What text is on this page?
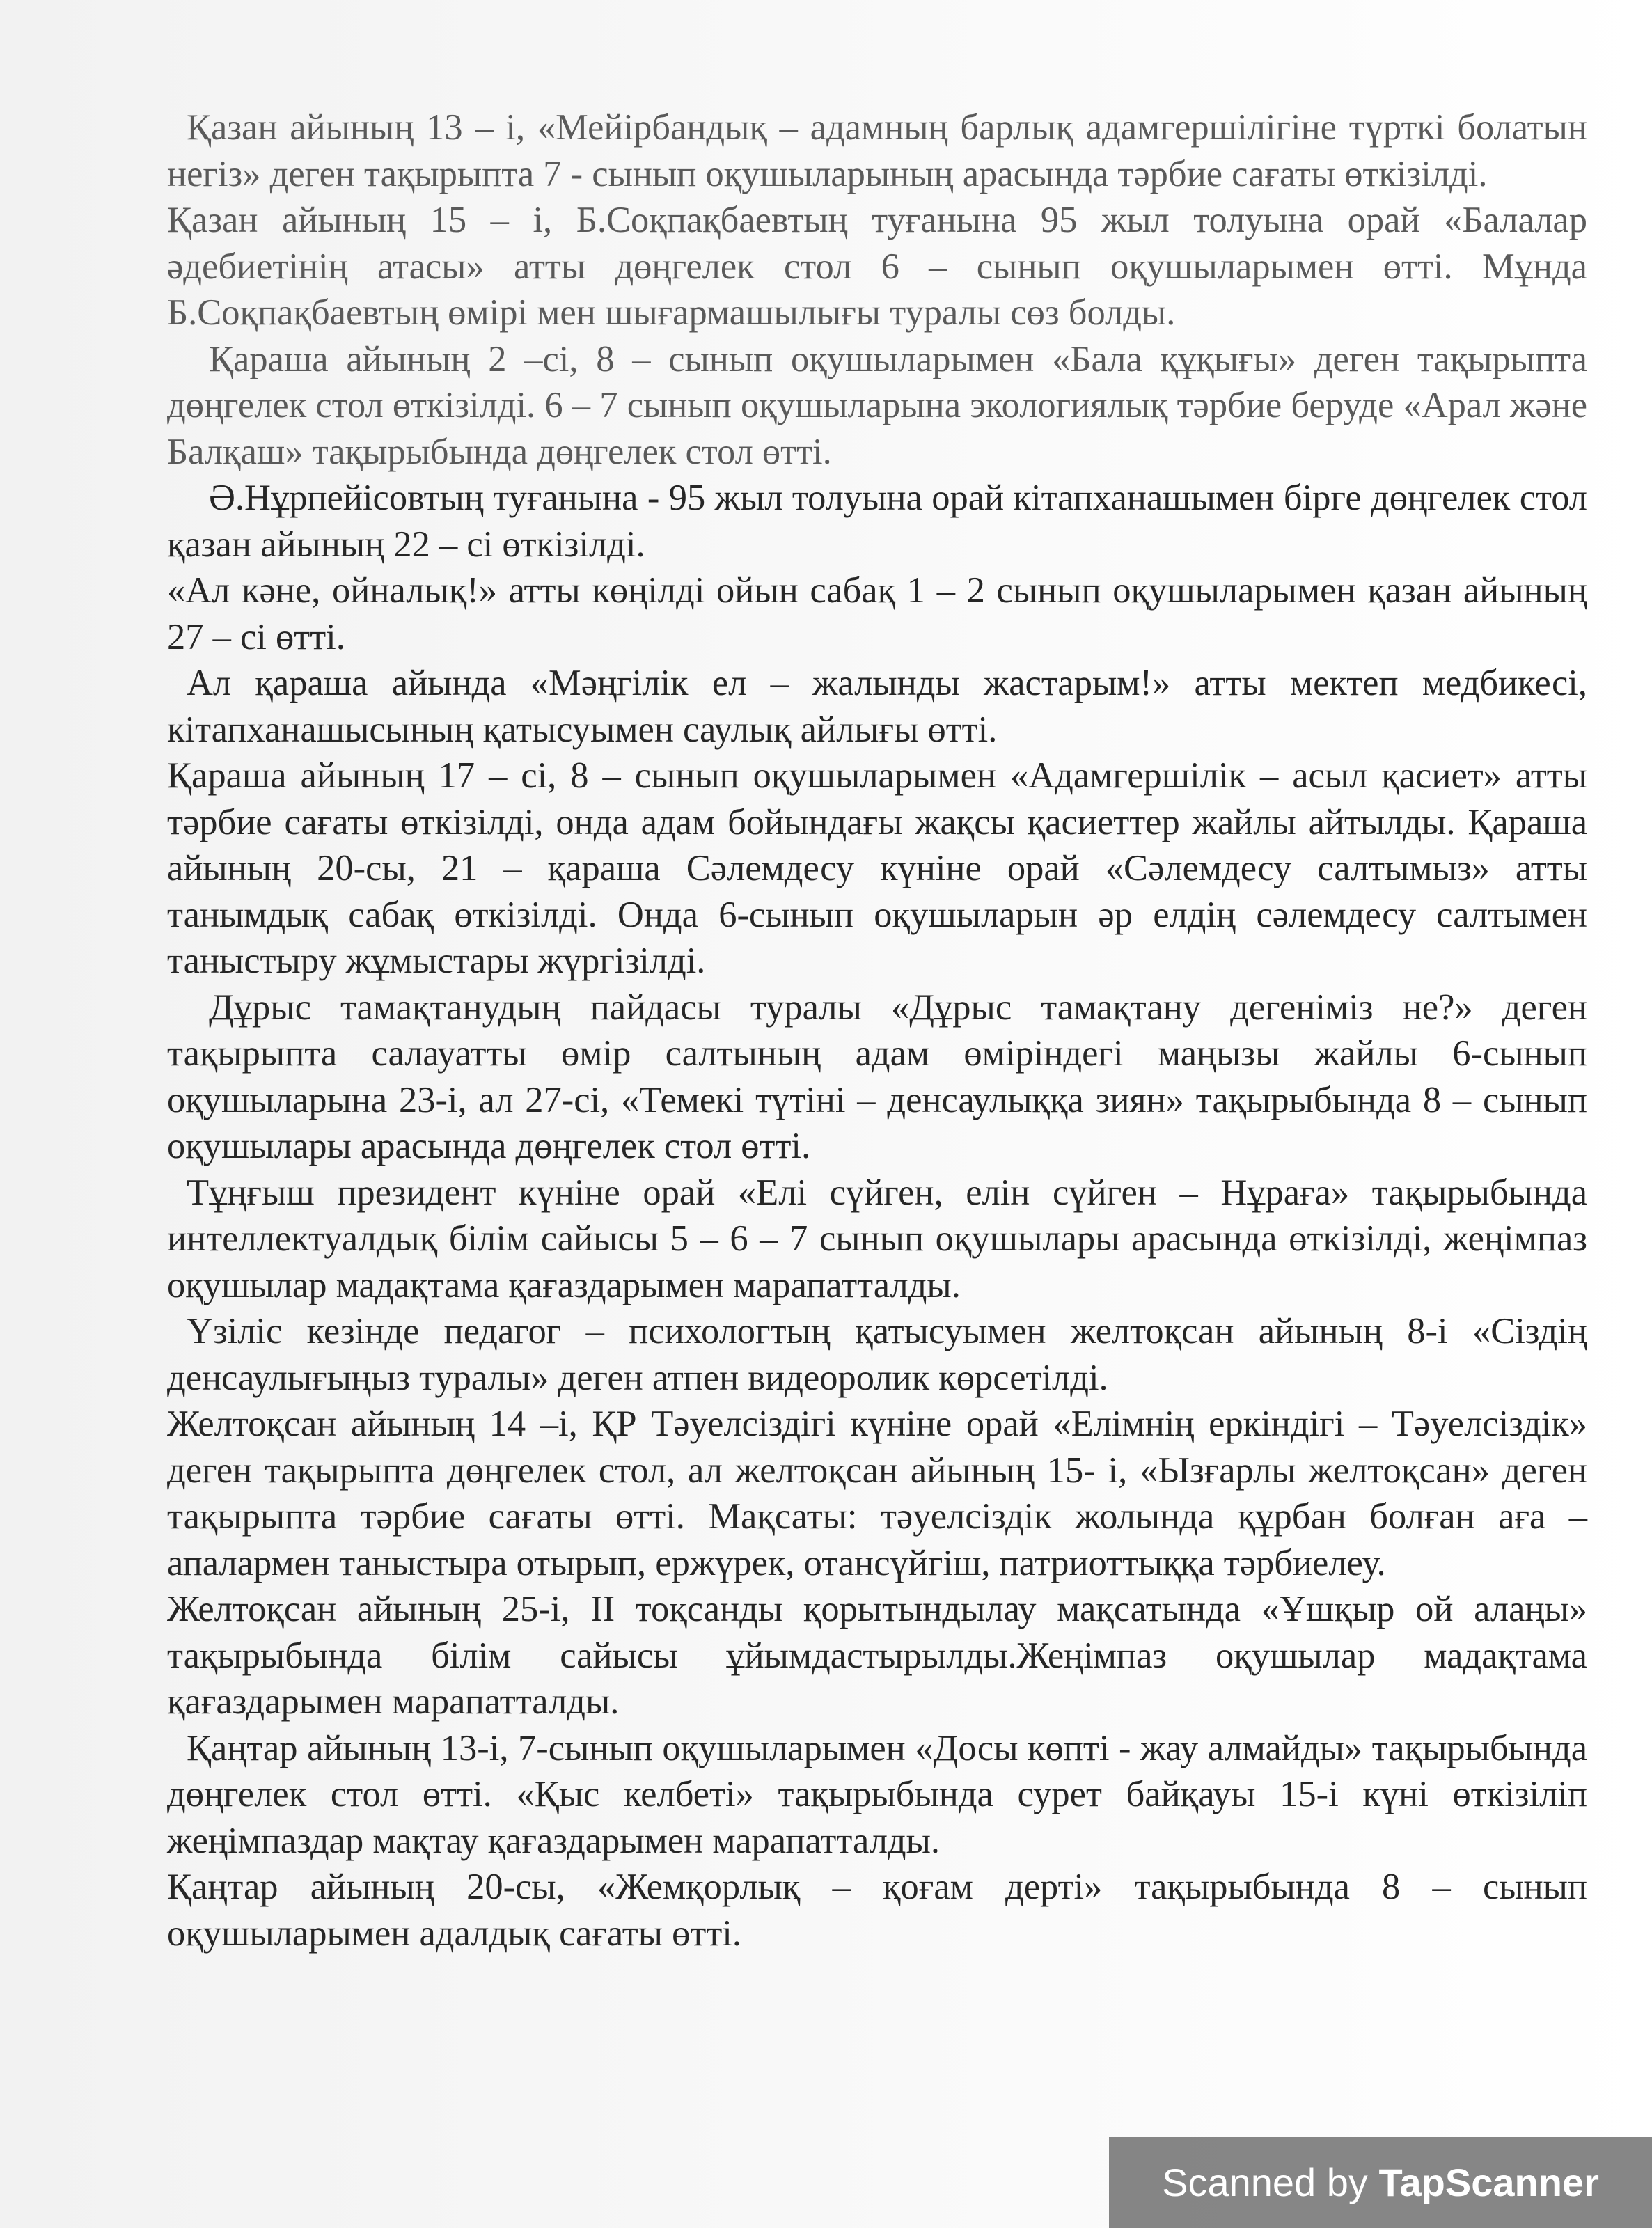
Қазан айының 13 – і, «Мейірбандық – адамның барлық адамгершілігіне түрткі болатын негіз» деген тақырыпта 7 - сынып оқушыларының арасында тәрбие сағаты өткізілді.

Қазан айының 15 – і, Б.Соқпақбаевтың туғанына 95 жыл толуына орай «Балалар әдебиетінің атасы» атты дөңгелек стол 6 – сынып оқушыларымен өтті. Мұнда Б.Соқпақбаевтың өмірі мен шығармашылығы туралы сөз болды.

Қараша айының 2 –сі, 8 – сынып оқушыларымен «Бала құқығы» деген тақырыпта дөңгелек стол өткізілді. 6 – 7 сынып оқушыларына экологиялық тәрбие беруде «Арал және Балқаш» тақырыбында дөңгелек стол өтті.

Ә.Нұрпейісовтың туғанына - 95 жыл толуына орай кітапханашымен бірге дөңгелек стол қазан айының 22 – сі өткізілді.

«Ал кәне, ойналық!» атты көңілді ойын сабақ 1 – 2 сынып оқушыларымен қазан айының 27 – сі өтті.

Ал қараша айында «Мәңгілік ел – жалынды жастарым!» атты мектеп медбикесі, кітапханашысының қатысуымен саулық айлығы өтті.

Қараша айының 17 – сі, 8 – сынып оқушыларымен «Адамгершілік – асыл қасиет» атты тәрбие сағаты өткізілді, онда адам бойындағы жақсы қасиеттер жайлы айтылды. Қараша айының 20-сы, 21 – қараша Сәлемдесу күніне орай «Сәлемдесу салтымыз» атты танымдық сабақ өткізілді. Онда 6-сынып оқушыларын әр елдің сәлемдесу салтымен таныстыру жұмыстары жүргізілді.

Дұрыс тамақтанудың пайдасы туралы «Дұрыс тамақтану дегеніміз не?» деген тақырыпта салауатты өмір салтының адам өміріндегі маңызы жайлы 6-сынып оқушыларына 23-і, ал 27-сі, «Темекі түтіні – денсаулыққа зиян» тақырыбында 8 – сынып оқушылары арасында дөңгелек стол өтті.

Тұңғыш президент күніне орай «Елі сүйген, елін сүйген – Нұраға» тақырыбында интеллектуалдық білім сайысы 5 – 6 – 7 сынып оқушылары арасында өткізілді, жеңімпаз оқушылар мадақтама қағаздарымен марапатталды.

Үзіліс кезінде педагог – психологтың қатысуымен желтоқсан айының 8-і «Сіздің денсаулығыңыз туралы» деген атпен видеоролик көрсетілді.

Желтоқсан айының 14 –і, ҚР Тәуелсіздігі күніне орай «Елімнің еркіндігі – Тәуелсіздік» деген тақырыпта дөңгелек стол, ал желтоқсан айының 15- і, «Ызғарлы желтоқсан» деген тақырыпта тәрбие сағаты өтті. Мақсаты: тәуелсіздік жолында құрбан болған аға – апалармен таныстыра отырып, ержүрек, отансүйгіш, патриоттыққа тәрбиелеу.

Желтоқсан айының 25-і, ІІ тоқсанды қорытындылау мақсатында «Ұшқыр ой алаңы» тақырыбында білім сайысы ұйымдастырылды.Жеңімпаз оқушылар мадақтама қағаздарымен марапатталды.

Қаңтар айының 13-і, 7-сынып оқушыларымен «Досы көпті - жау алмайды» тақырыбында дөңгелек стол өтті. «Қыс келбеті» тақырыбында сурет байқауы 15-і күні өткізіліп жеңімпаздар мақтау қағаздарымен марапатталды.

Қаңтар айының 20-сы, «Жемқорлық – қоғам дерті» тақырыбында 8 – сынып оқушыларымен адалдық сағаты өтті.

Scanned by TapScanner
